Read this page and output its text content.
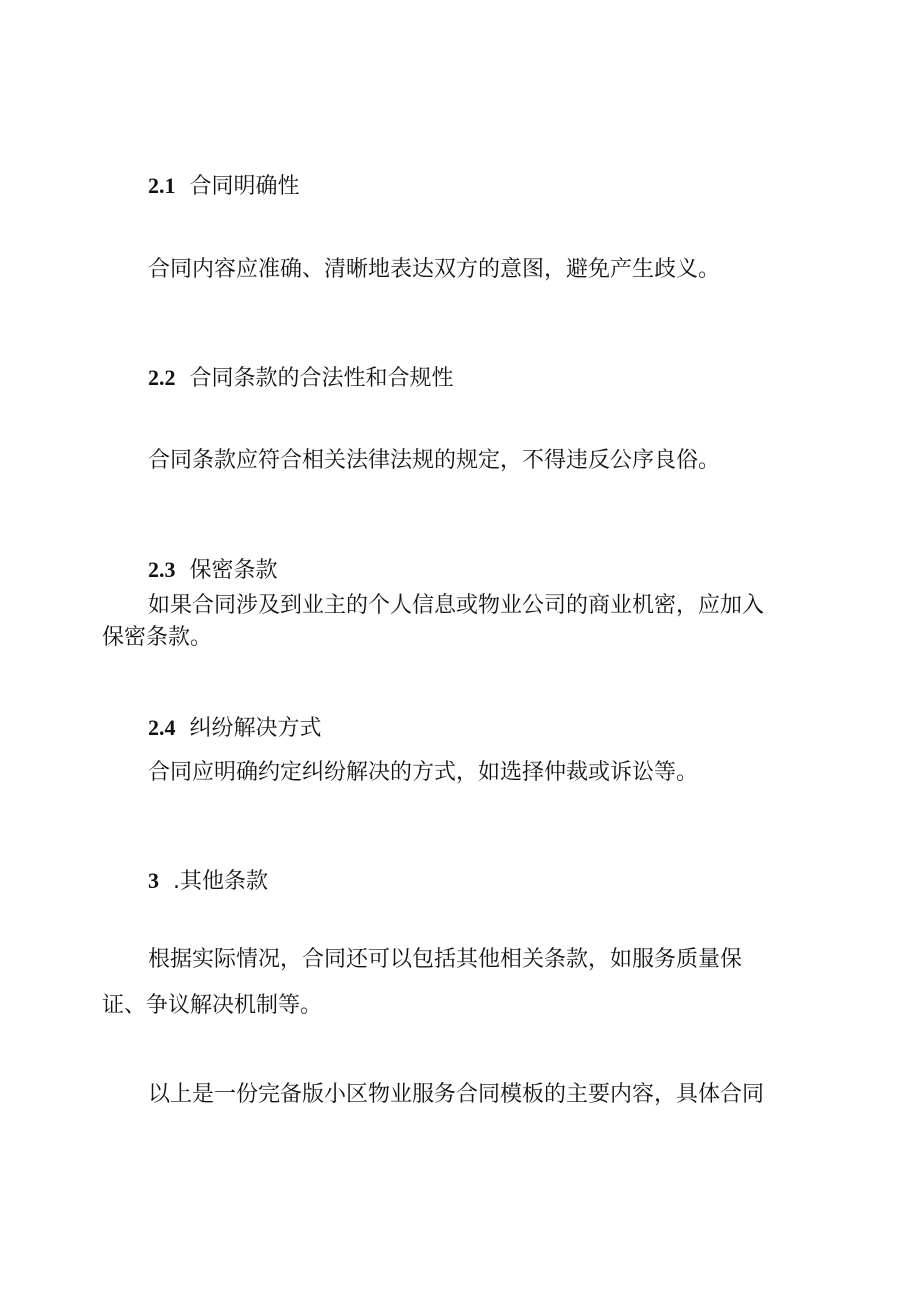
2.1 合同明确性
合同内容应准确、清晰地表达双方的意图，避免产生歧义。
2.2 合同条款的合法性和合规性
合同条款应符合相关法律法规的规定，不得违反公序良俗。
2.3 保密条款
如果合同涉及到业主的个人信息或物业公司的商业机密，应加入
保密条款。
2.4 纠纷解决方式
合同应明确约定纠纷解决的方式，如选择仲裁或诉讼等。
3 .其他条款
根据实际情况，合同还可以包括其他相关条款，如服务质量保
证、争议解决机制等。
以上是一份完备版小区物业服务合同模板的主要内容，具体合同
